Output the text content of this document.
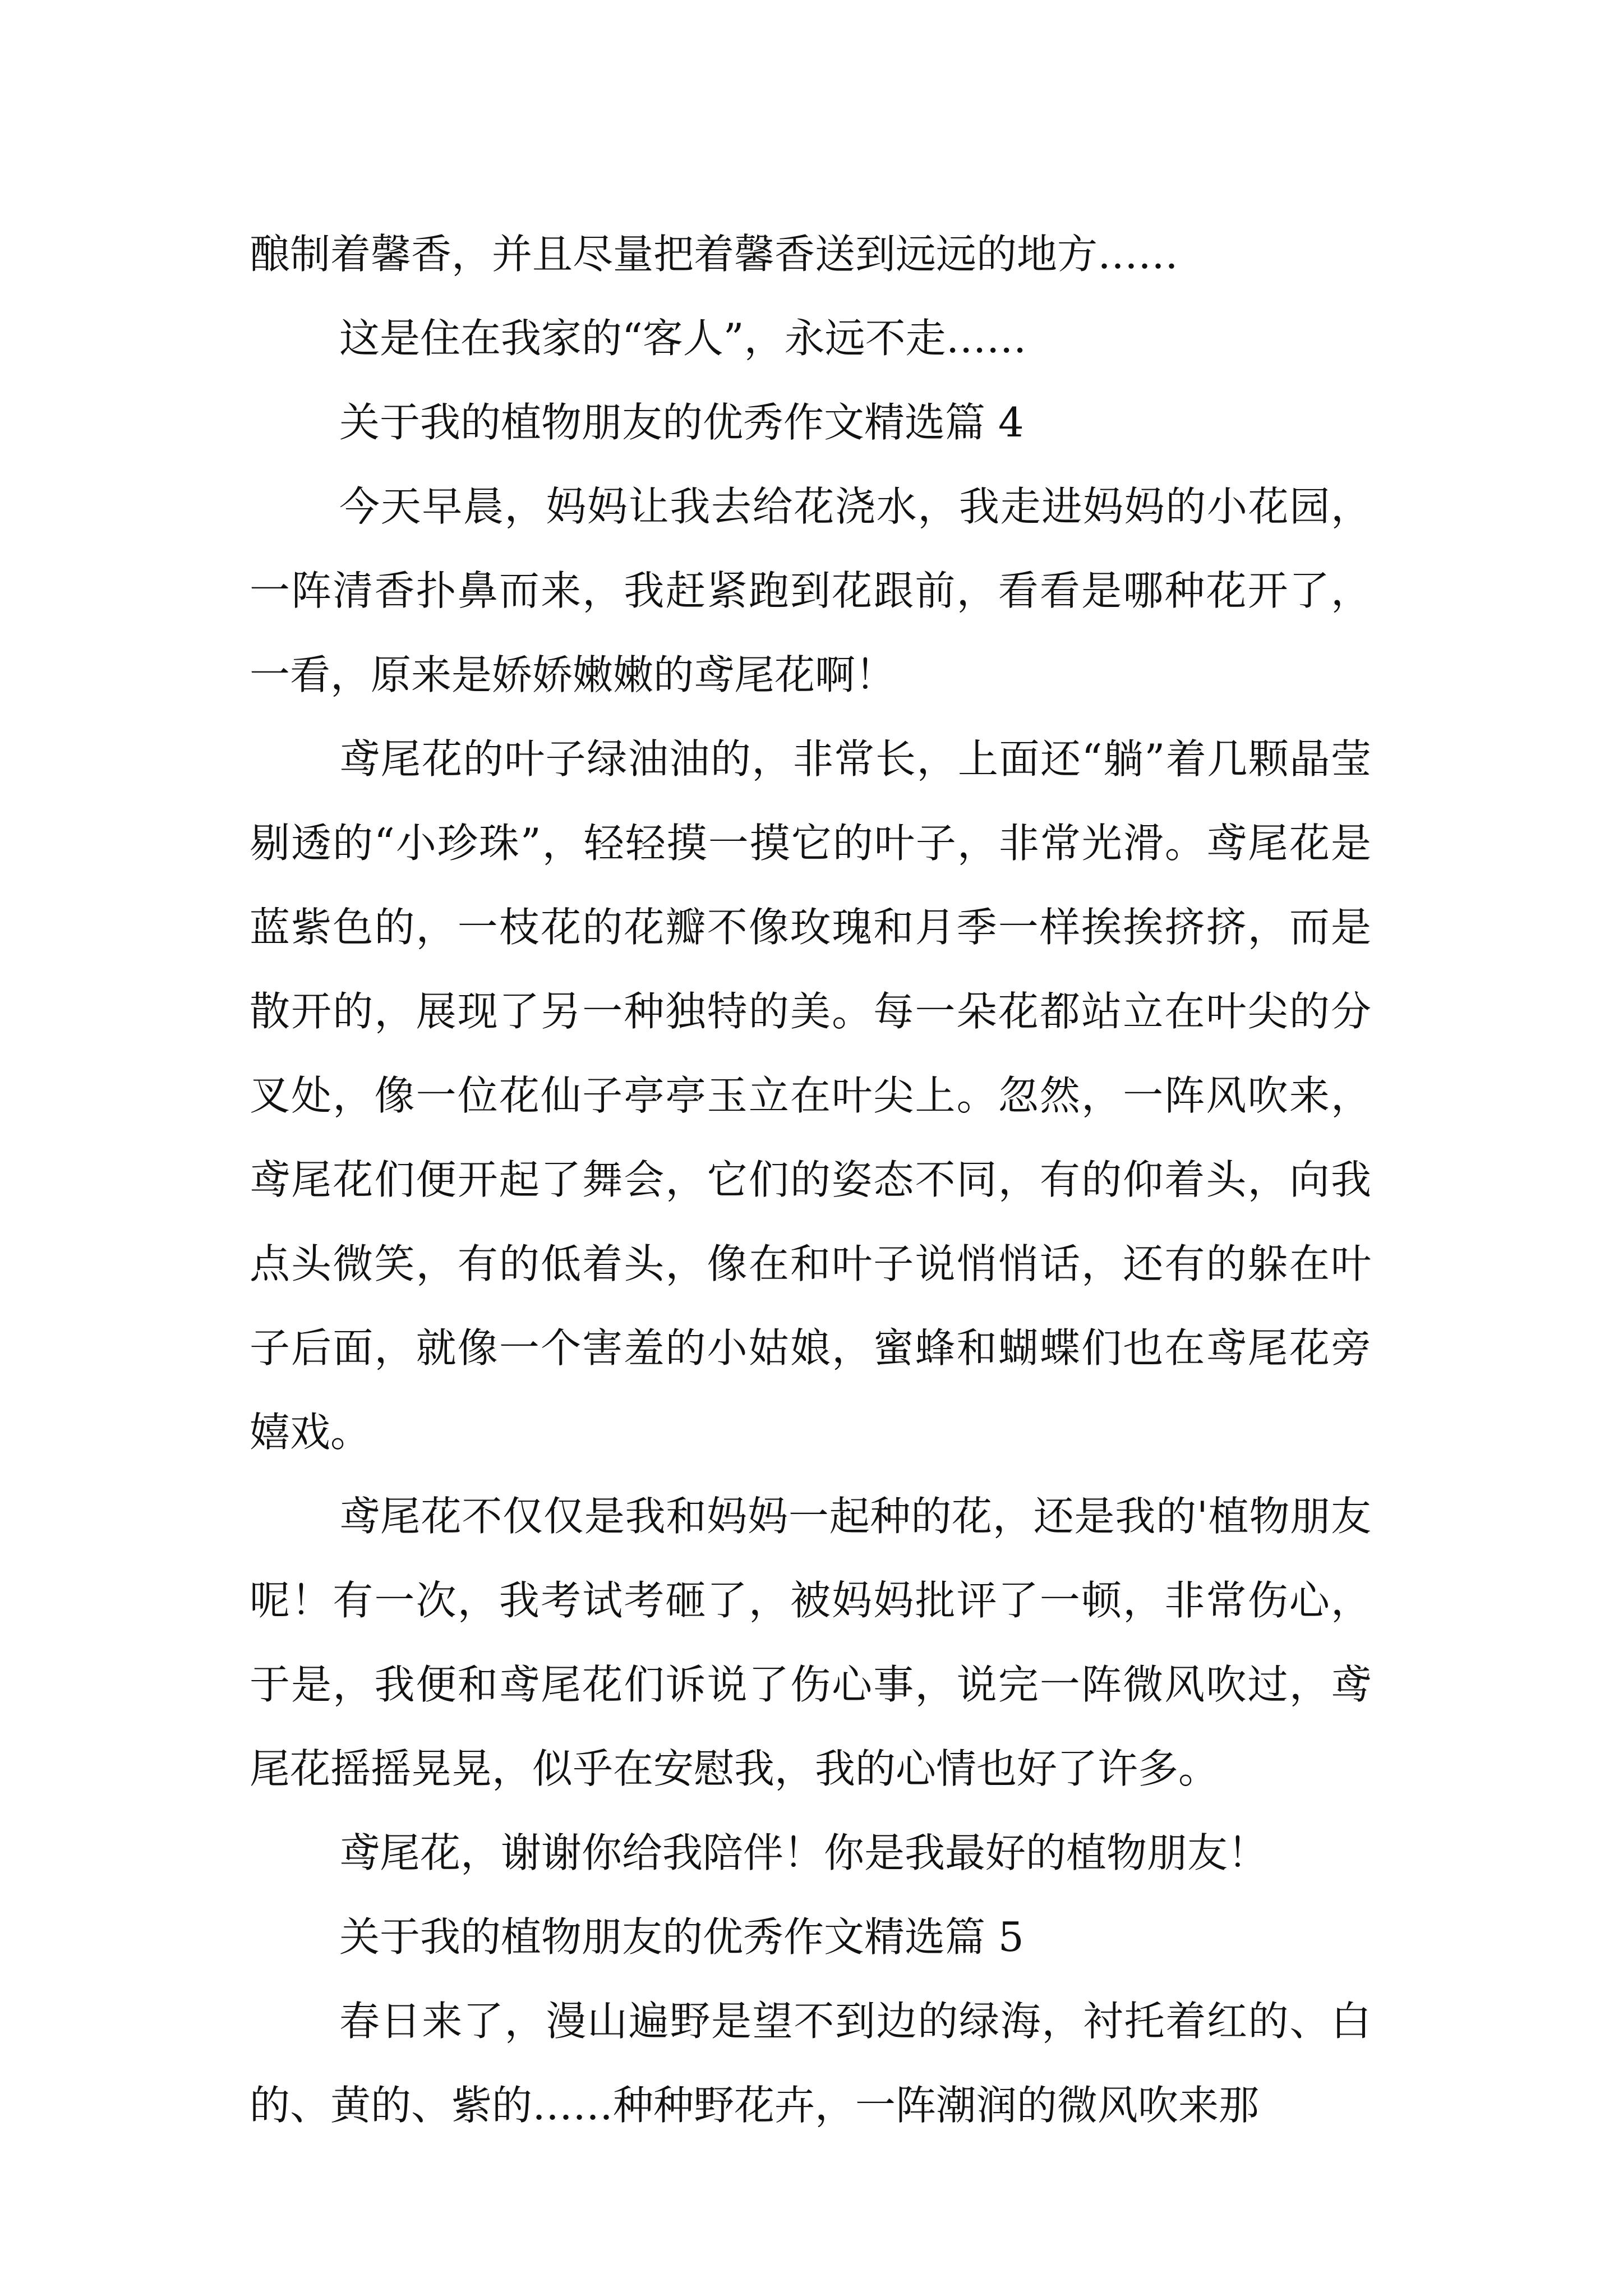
酿制着馨香，并且尽量把着馨香送到远远的地方……

这是住在我家的“客人”，永远不走……

关于我的植物朋友的优秀作文精选篇 4

今天早晨，妈妈让我去给花浇水，我走进妈妈的小花园，一阵清香扑鼻而来，我赶紧跑到花跟前，看看是哪种花开了，一看，原来是娇娇嫩嫩的鸢尾花啊！

鸢尾花的叶子绿油油的，非常长，上面还“躺”着几颗晶莹剔透的“小珍珠”，轻轻摸一摸它的叶子，非常光滑。鸢尾花是蓝紫色的，一枝花的花瓣不像玫瑰和月季一样挨挨挤挤，而是散开的，展现了另一种独特的美。每一朵花都站立在叶尖的分叉处，像一位花仙子亭亭玉立在叶尖上。忽然，一阵风吹来，鸢尾花们便开起了舞会，它们的姿态不同，有的仰着头，向我点头微笑，有的低着头，像在和叶子说悄悄话，还有的躲在叶子后面，就像一个害羞的小姑娘，蜜蜂和蝴蝶们也在鸢尾花旁嬉戏。

鸢尾花不仅仅是我和妈妈一起种的花，还是我的'植物朋友呢！有一次，我考试考砸了，被妈妈批评了一顿，非常伤心，于是，我便和鸢尾花们诉说了伤心事，说完一阵微风吹过，鸢尾花摇摇晃晃，似乎在安慰我，我的心情也好了许多。

鸢尾花，谢谢你给我陪伴！你是我最好的植物朋友！

关于我的植物朋友的优秀作文精选篇 5

春日来了，漫山遍野是望不到边的绿海，衬托着红的、白的、黄的、紫的……种种野花卉，一阵潮润的微风吹来那
